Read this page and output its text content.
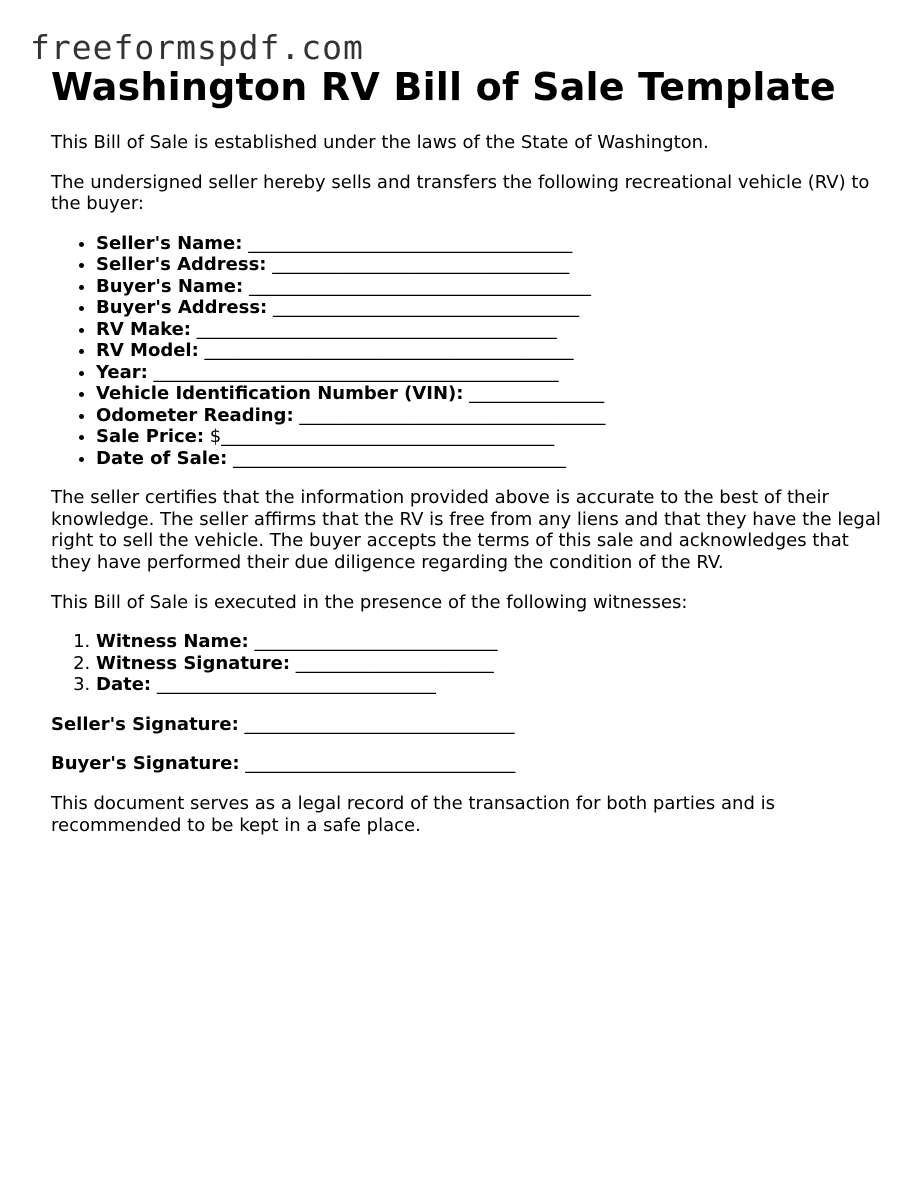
freeformspdf.com
Washington RV Bill of Sale Template

This Bill of Sale is established under the laws of the State of Washington.

The undersigned seller hereby sells and transfers the following recreational vehicle (RV) to the buyer:

• Seller's Name: ____________________________________
• Seller's Address: _________________________________
• Buyer's Name: ______________________________________
• Buyer's Address: __________________________________
• RV Make: ________________________________________
• RV Model: _________________________________________
• Year: _____________________________________________
• Vehicle Identification Number (VIN): _______________
• Odometer Reading: __________________________________
• Sale Price: $_____________________________________
• Date of Sale: _____________________________________

The seller certifies that the information provided above is accurate to the best of their knowledge. The seller affirms that the RV is free from any liens and that they have the legal right to sell the vehicle. The buyer accepts the terms of this sale and acknowledges that they have performed their due diligence regarding the condition of the RV.

This Bill of Sale is executed in the presence of the following witnesses:

1. Witness Name: ___________________________
2. Witness Signature: ______________________
3. Date: _______________________________
Seller's Signature: ______________________________
Buyer's Signature: ______________________________

This document serves as a legal record of the transaction for both parties and is recommended to be kept in a safe place.
